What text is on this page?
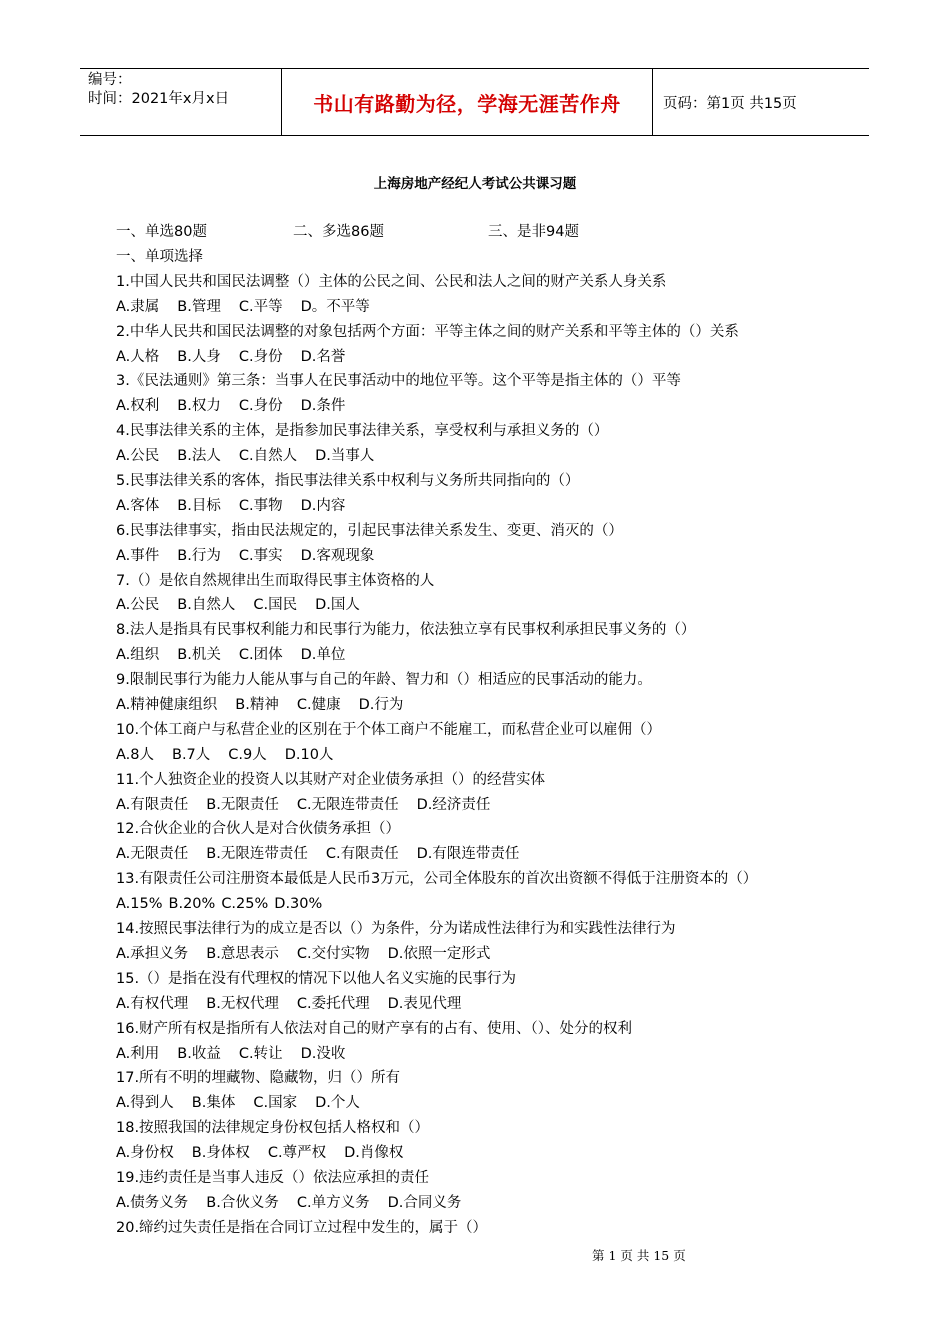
编号：
时间：2021年x月x日	书山有路勤为径，学海无涯苦作舟	页码：第1页 共15页
上海房地产经纪人考试公共课习题
一、单选80题	二、多选86题	三、是非94题
一、单项选择
1.中国人民共和国民法调整（）主体的公民之间、公民和法人之间的财产关系人身关系
A.隶属 B.管理 C.平等 D。不平等
2.中华人民共和国民法调整的对象包括两个方面：平等主体之间的财产关系和平等主体的（）关系
A.人格 B.人身 C.身份 D.名誉
3.《民法通则》第三条：当事人在民事活动中的地位平等。这个平等是指主体的（）平等
A.权利 B.权力 C.身份 D.条件
4.民事法律关系的主体，是指参加民事法律关系，享受权利与承担义务的（）
A.公民 B.法人 C.自然人 D.当事人
5.民事法律关系的客体，指民事法律关系中权利与义务所共同指向的（）
A.客体 B.目标 C.事物 D.内容
6.民事法律事实，指由民法规定的，引起民事法律关系发生、变更、消灭的（）
A.事件 B.行为 C.事实 D.客观现象
7.（）是依自然规律出生而取得民事主体资格的人
A.公民 B.自然人 C.国民 D.国人
8.法人是指具有民事权利能力和民事行为能力，依法独立享有民事权利承担民事义务的（）
A.组织 B.机关 C.团体 D.单位
9.限制民事行为能力人能从事与自己的年龄、智力和（）相适应的民事活动的能力。
A.精神健康组织 B.精神 C.健康 D.行为
10.个体工商户与私营企业的区别在于个体工商户不能雇工，而私营企业可以雇佣（）
A.8人 B.7人 C.9人 D.10人
11.个人独资企业的投资人以其财产对企业债务承担（）的经营实体
A.有限责任 B.无限责任 C.无限连带责任 D.经济责任
12.合伙企业的合伙人是对合伙债务承担（）
A.无限责任 B.无限连带责任 C.有限责任 D.有限连带责任
13.有限责任公司注册资本最低是人民币3万元，公司全体股东的首次出资额不得低于注册资本的（）
A.15% B.20% C.25% D.30%
14.按照民事法律行为的成立是否以（）为条件，分为诺成性法律行为和实践性法律行为
A.承担义务 B.意思表示 C.交付实物 D.依照一定形式
15.（）是指在没有代理权的情况下以他人名义实施的民事行为
A.有权代理 B.无权代理 C.委托代理 D.表见代理
16.财产所有权是指所有人依法对自己的财产享有的占有、使用、（）、处分的权利
A.利用 B.收益 C.转让 D.没收
17.所有不明的埋藏物、隐藏物，归（）所有
A.得到人 B.集体 C.国家 D.个人
18.按照我国的法律规定身份权包括人格权和（）
A.身份权 B.身体权 C.尊严权 D.肖像权
19.违约责任是当事人违反（）依法应承担的责任
A.债务义务 B.合伙义务 C.单方义务 D.合同义务
20.缔约过失责任是指在合同订立过程中发生的，属于（）
第 1 页 共 15 页
